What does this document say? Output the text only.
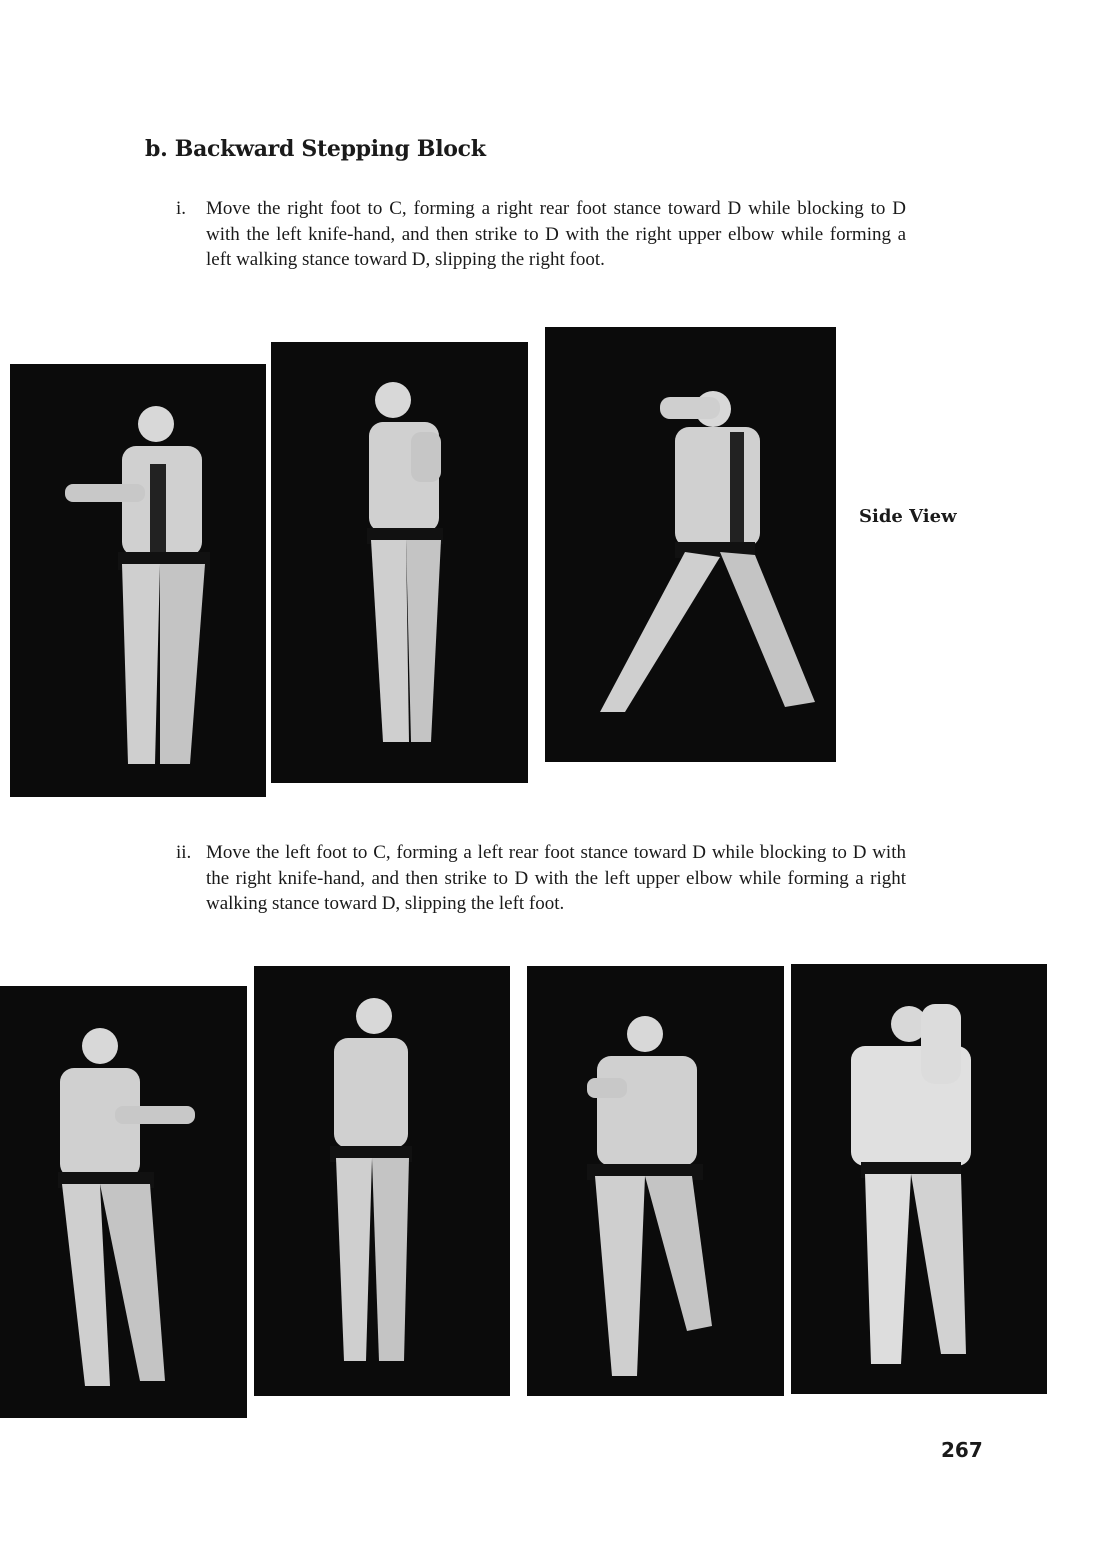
b. Backward Stepping Block
i. Move the right foot to C, forming a right rear foot stance toward D while blocking to D with the left knife-hand, and then strike to D with the right upper elbow while forming a left walking stance toward D, slipping the right foot.
Side View
ii. Move the left foot to C, forming a left rear foot stance toward D while blocking to D with the right knife-hand, and then strike to D with the left upper elbow while forming a right walking stance toward D, slipping the left foot.
267
